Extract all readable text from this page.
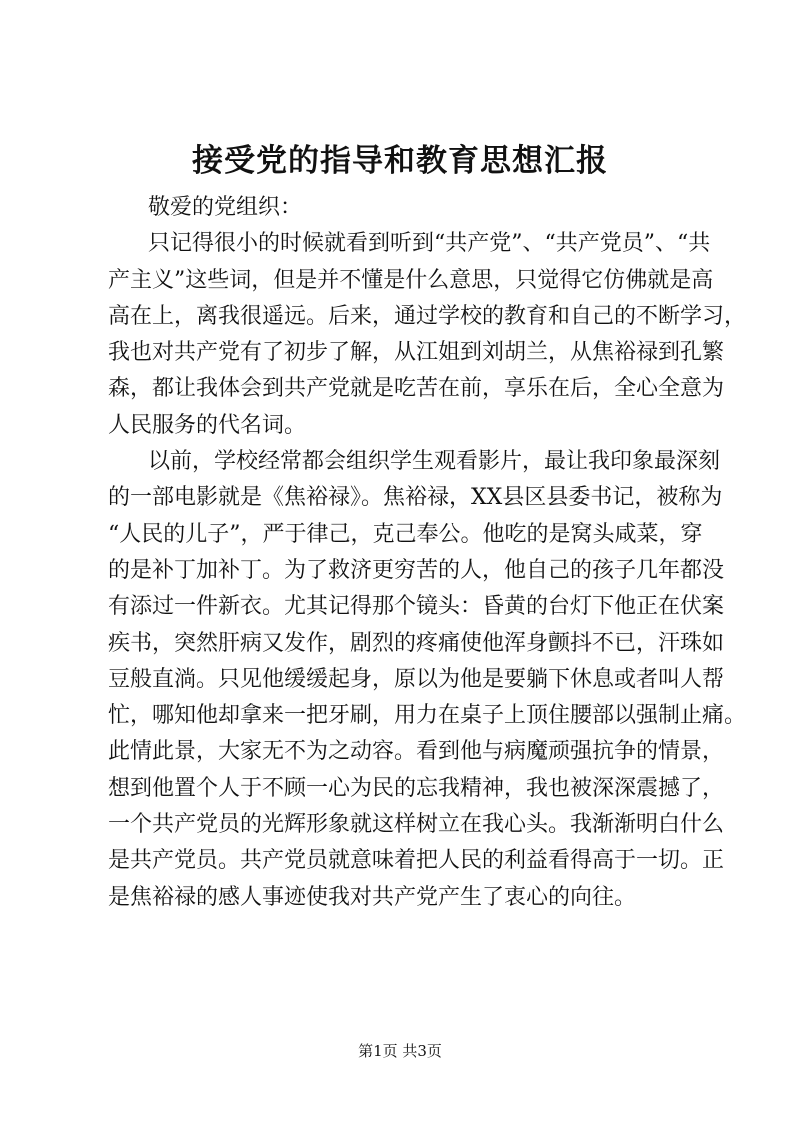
接受党的指导和教育思想汇报

敬爱的党组织：

只记得很小的时候就看到听到“共产党”、“共产党员”、“共

产主义”这些词，但是并不懂是什么意思，只觉得它仿佛就是高

高在上，离我很遥远。后来，通过学校的教育和自己的不断学习，

我也对共产党有了初步了解，从江姐到刘胡兰，从焦裕禄到孔繁

森，都让我体会到共产党就是吃苦在前，享乐在后，全心全意为

人民服务的代名词。

以前，学校经常都会组织学生观看影片，最让我印象最深刻

的一部电影就是《焦裕禄》。焦裕禄，XX县区县委书记，被称为

“人民的儿子”，严于律己，克己奉公。他吃的是窝头咸菜，穿

的是补丁加补丁。为了救济更穷苦的人，他自己的孩子几年都没

有添过一件新衣。尤其记得那个镜头：昏黄的台灯下他正在伏案

疾书，突然肝病又发作，剧烈的疼痛使他浑身颤抖不已，汗珠如

豆般直淌。只见他缓缓起身，原以为他是要躺下休息或者叫人帮

忙，哪知他却拿来一把牙刷，用力在桌子上顶住腰部以强制止痛。

此情此景，大家无不为之动容。看到他与病魔顽强抗争的情景，

想到他置个人于不顾一心为民的忘我精神，我也被深深震撼了，

一个共产党员的光辉形象就这样树立在我心头。我渐渐明白什么

是共产党员。共产党员就意味着把人民的利益看得高于一切。正

是焦裕禄的感人事迹使我对共产党产生了衷心的向往。

第1页 共3页
